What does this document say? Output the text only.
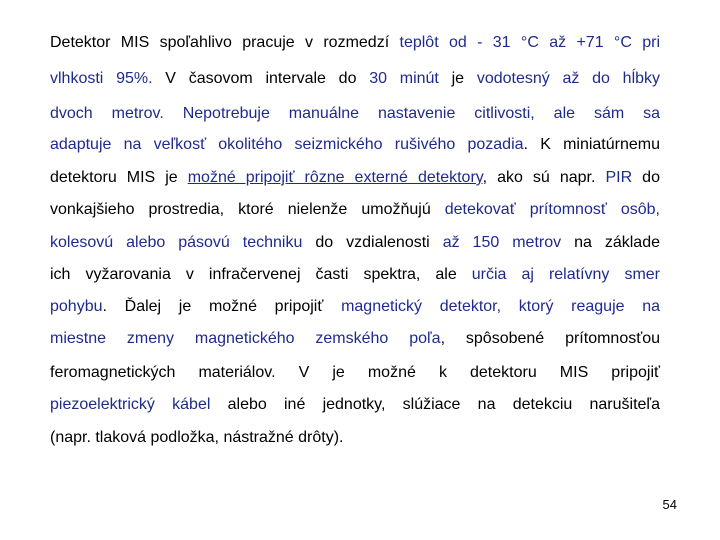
Detektor MIS spoľahlivo pracuje v rozmedzí teplôt od - 31 °C až +71 °C pri
vlhkosti 95%. V časovom intervale do 30 minút je vodotesný až do hĺbky
dvoch metrov. Nepotrebuje manuálne nastavenie citlivosti, ale sám sa
adaptuje na veľkosť okolitého seizmického rušivého pozadia. K miniatúrnemu
detektoru MIS je možné pripojiť rôzne externé detektory, ako sú napr. PIR do
vonkajšieho prostredia, ktoré nielenže umožňujú detekovať prítomnosť osôb,
kolesovú alebo pásovú techniku do vzdialenosti až 150 metrov na základe
ich vyžarovania v infračervenej časti spektra, ale určia aj relatívny smer
pohybu. Ďalej je možné pripojiť magnetický detektor, ktorý reaguje na
miestne zmeny magnetického zemského poľa, spôsobené prítomnosťou
feromagnetických materiálov. V je možné k detektoru MIS pripojiť
piezoelektrický kábel alebo iné jednotky, slúžiace na detekciu narušiteľa
(napr. tlaková podložka, nástražné drôty).
54
